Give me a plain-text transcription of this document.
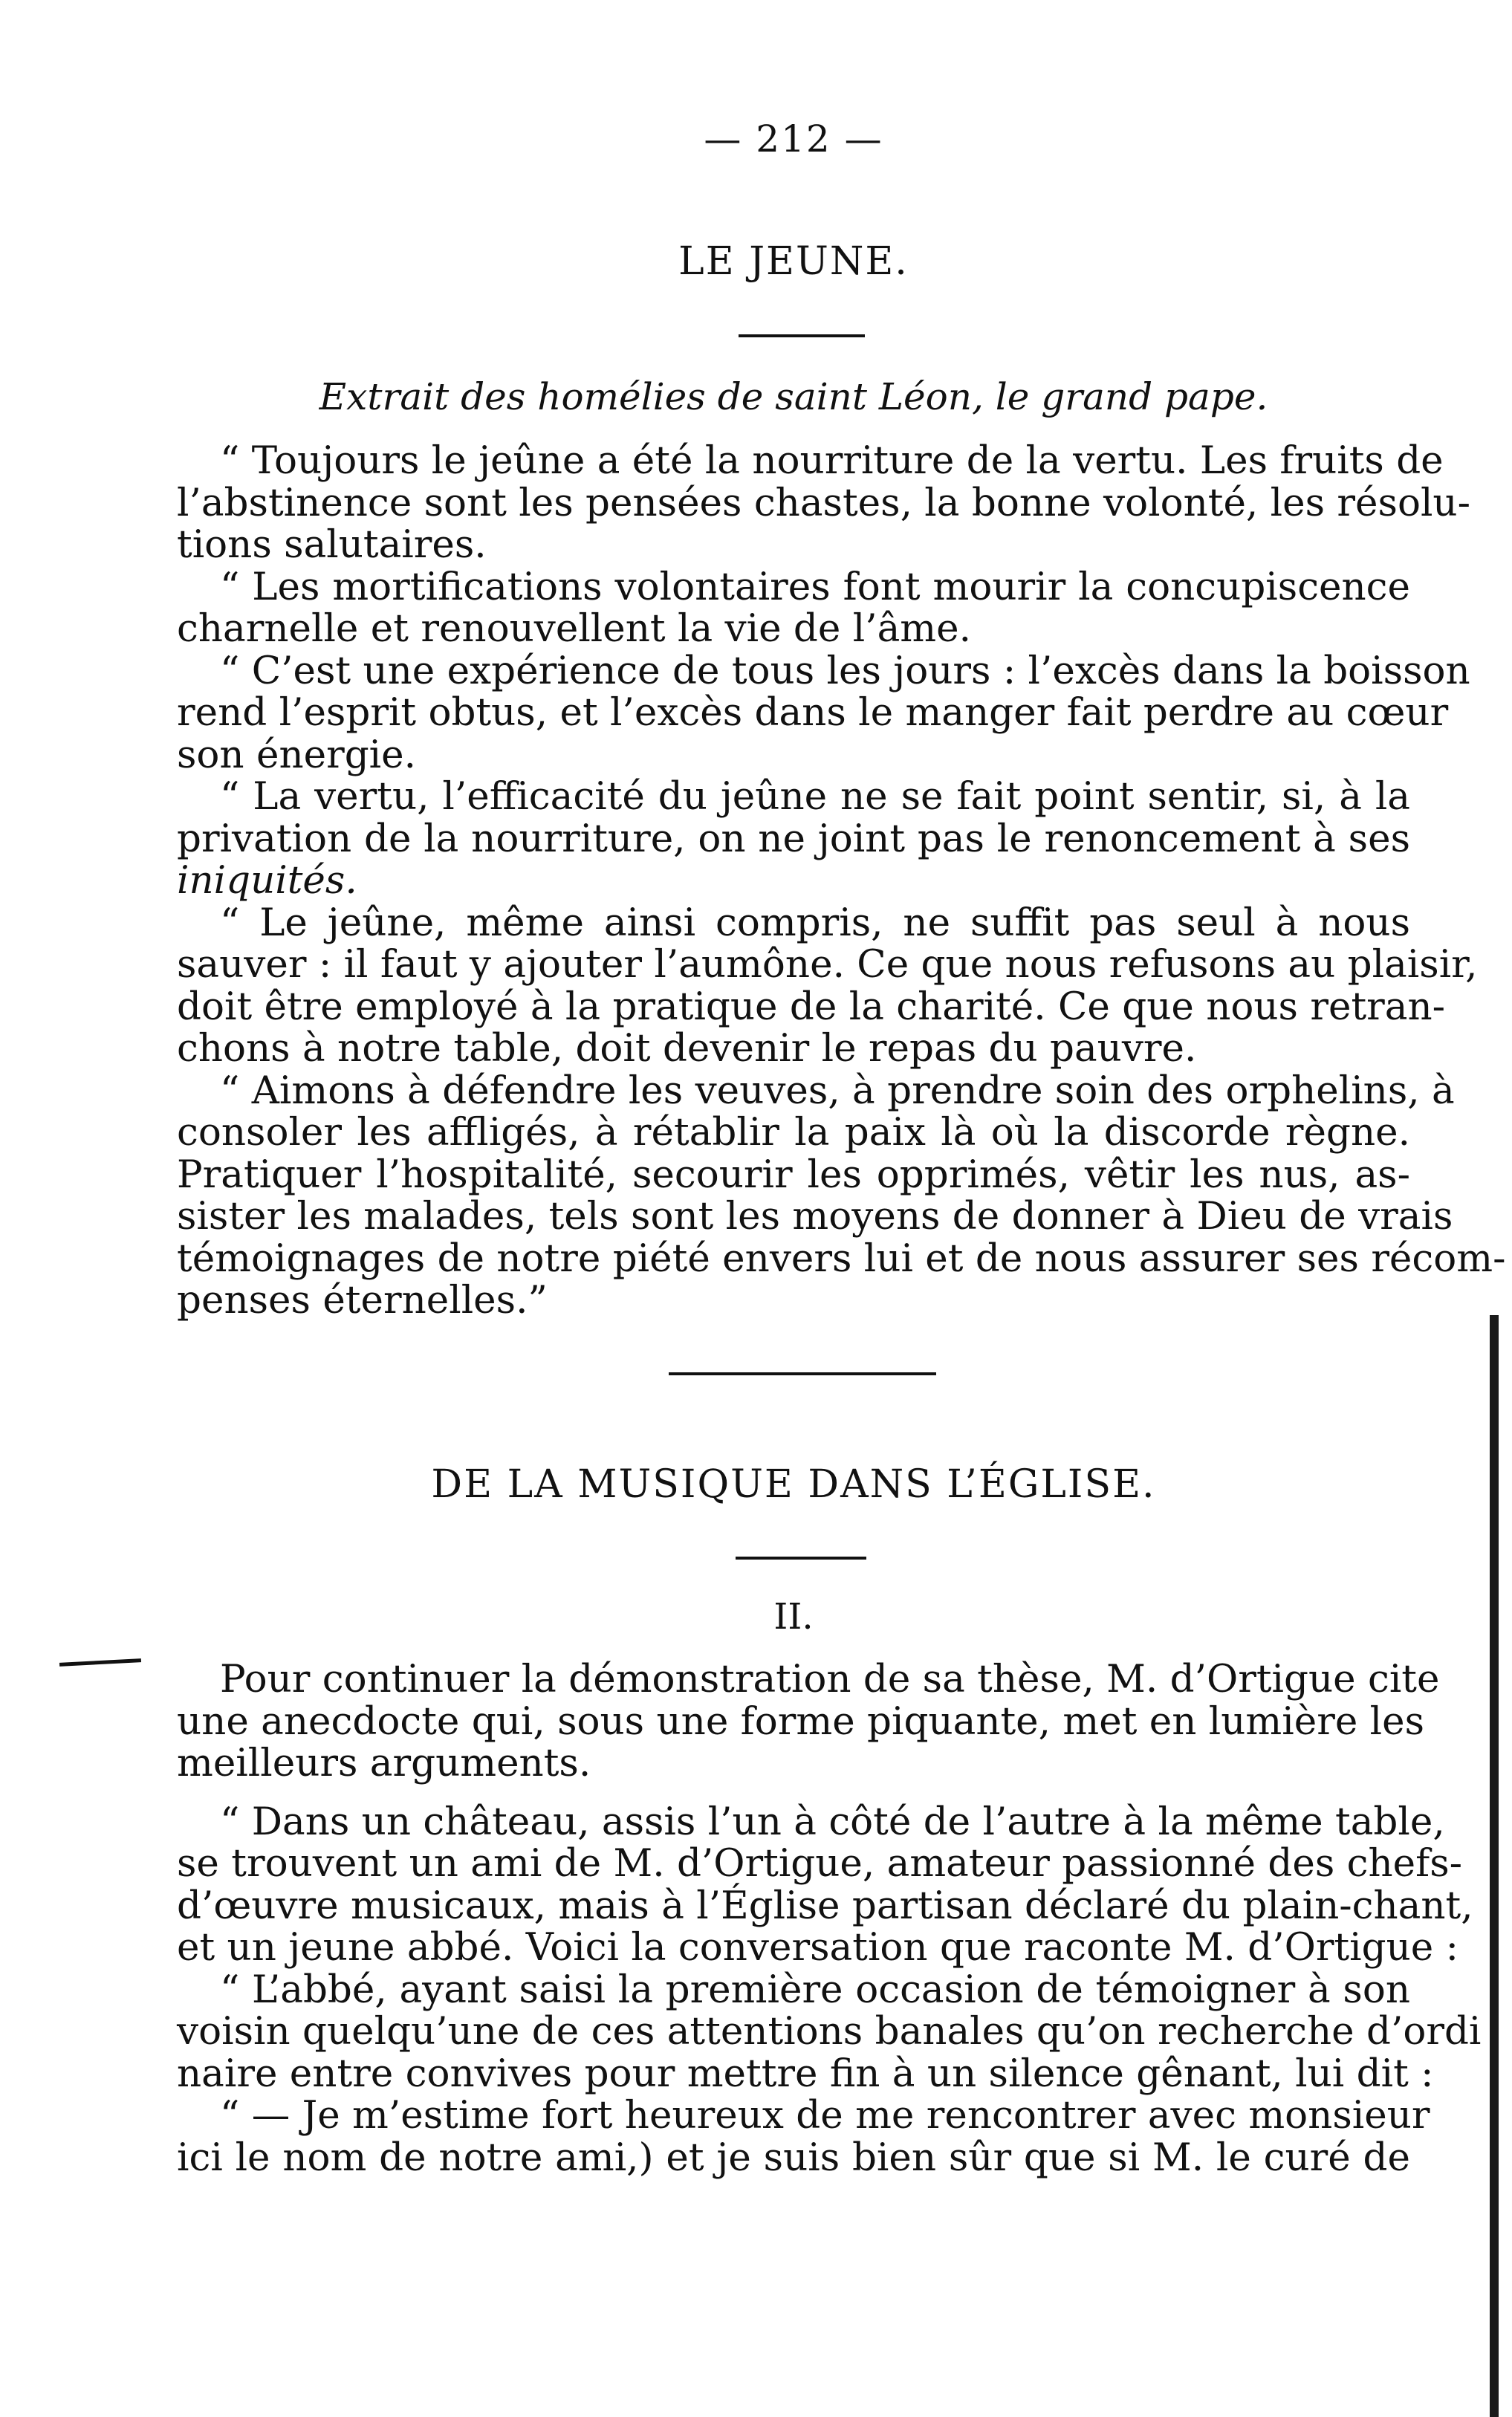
— 212 —
LE JEUNE.
Extrait des homélies de saint Léon, le grand pape.
“ Toujours le jeûne a été la nourriture de la vertu. Les fruits de
l’abstinence sont les pensées chastes, la bonne volonté, les résolu-
tions salutaires.
“ Les mortifications volontaires font mourir la concupiscence
charnelle et renouvellent la vie de l’âme.
“ C’est une expérience de tous les jours : l’excès dans la boisson
rend l’esprit obtus, et l’excès dans le manger fait perdre au cœur
son énergie.
“ La vertu, l’efficacité du jeûne ne se fait point sentir, si, à la
privation de la nourriture, on ne joint pas le renoncement à ses
iniquités.
“ Le jeûne, même ainsi compris, ne suffit pas seul à nous
sauver : il faut y ajouter l’aumône. Ce que nous refusons au plaisir,
doit être employé à la pratique de la charité. Ce que nous retran-
chons à notre table, doit devenir le repas du pauvre.
“ Aimons à défendre les veuves, à prendre soin des orphelins, à
consoler les affligés, à rétablir la paix là où la discorde règne.
Pratiquer l’hospitalité, secourir les opprimés, vêtir les nus, as-
sister les malades, tels sont les moyens de donner à Dieu de vrais
témoignages de notre piété envers lui et de nous assurer ses récom-
penses éternelles.”
DE LA MUSIQUE DANS L’ÉGLISE.
II.
Pour continuer la démonstration de sa thèse, M. d’Ortigue cite
une anecdocte qui, sous une forme piquante, met en lumière les
meilleurs arguments.
“ Dans un château, assis l’un à côté de l’autre à la même table,
se trouvent un ami de M. d’Ortigue, amateur passionné des chefs-
d’œuvre musicaux, mais à l’Église partisan déclaré du plain-chant,
et un jeune abbé. Voici la conversation que raconte M. d’Ortigue :
“ L’abbé, ayant saisi la première occasion de témoigner à son
voisin quelqu’une de ces attentions banales qu’on recherche d’ordi
naire entre convives pour mettre fin à un silence gênant, lui dit :
“ — Je m’estime fort heureux de me rencontrer avec monsieur
ici le nom de notre ami,) et je suis bien sûr que si M. le curé de
